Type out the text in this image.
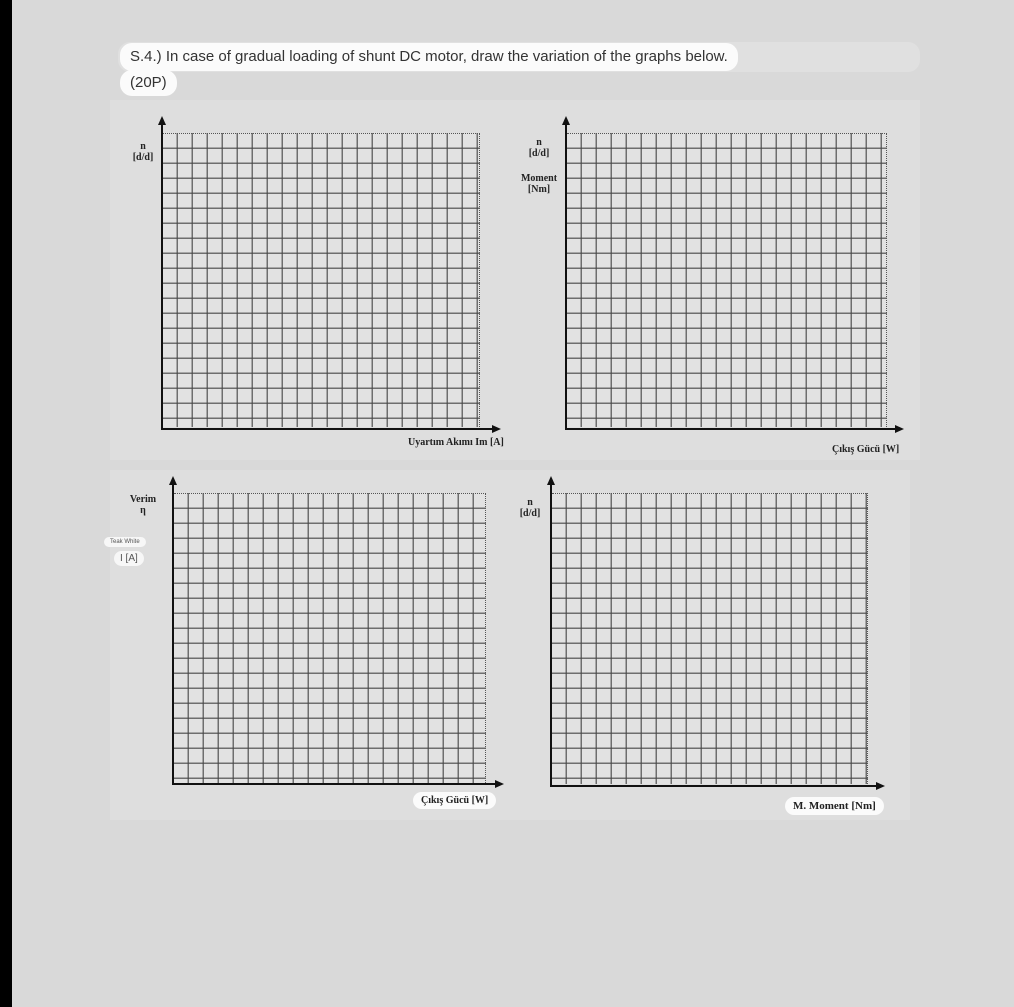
S.4.) In case of gradual loading of shunt DC motor, draw the variation of the graphs below.
(20P)
n
[d/d]
Uyartım Akımı Im [A]
n
[d/d]
Moment
[Nm]
Çıkış Gücü [W]
Verim
η
Teak White
I [A]
Çıkış Gücü [W]
n
[d/d]
M. Moment [Nm]
